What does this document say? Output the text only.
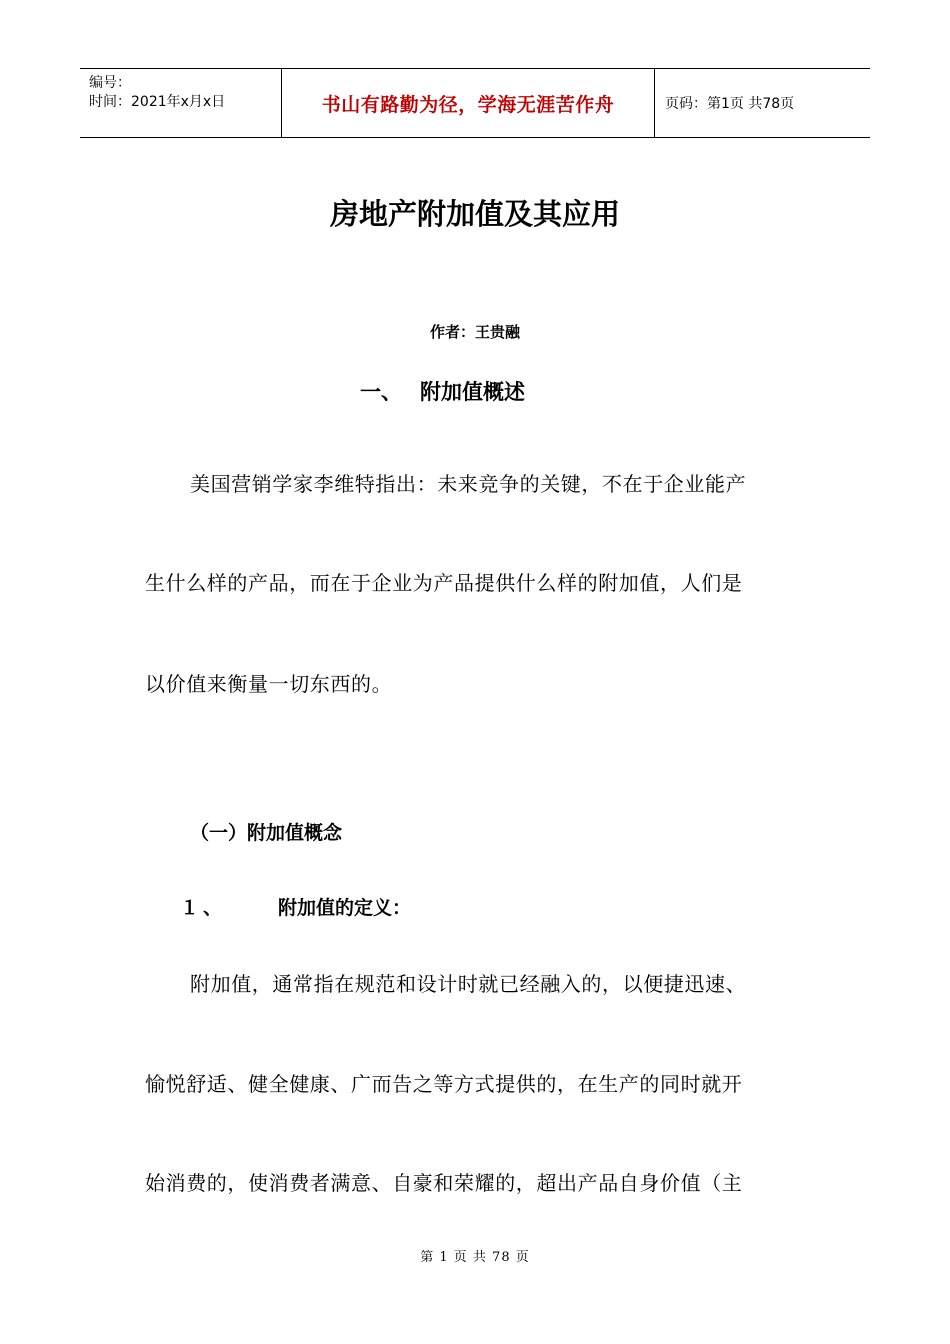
编号：
时间：2021年x月x日	书山有路勤为径，学海无涯苦作舟	页码：第1页 共78页
房地产附加值及其应用
作者：王贵融
一、 附加值概述
美国营销学家李维特指出：未来竞争的关键，不在于企业能产
生什么样的产品，而在于企业为产品提供什么样的附加值，人们是
以价值来衡量一切东西的。
（一）附加值概念
１、	附加值的定义：
附加值，通常指在规范和设计时就已经融入的，以便捷迅速、
愉悦舒适、健全健康、广而告之等方式提供的，在生产的同时就开
始消费的，使消费者满意、自豪和荣耀的，超出产品自身价值（主
第 1 页 共 78 页
